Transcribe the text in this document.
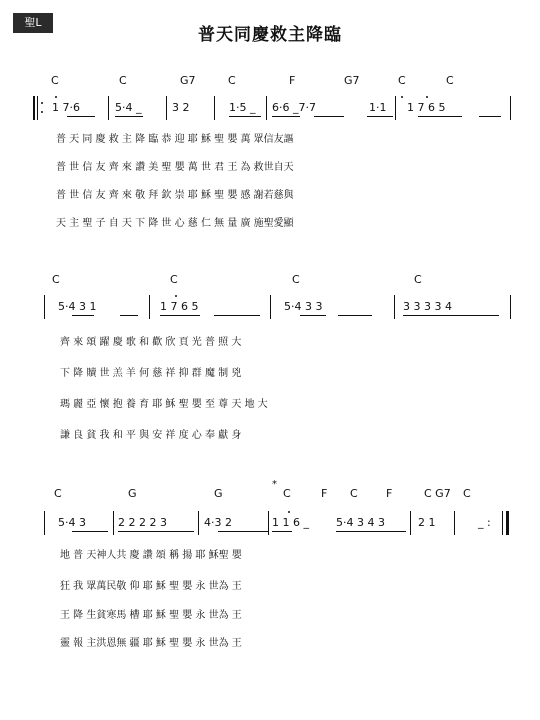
聖L
普天同慶救主降臨
C	C	G7	C	F	G7	C	C
1 7·6	5·4 _	3 2	1·5 _ 6·6 _7·7	1·1 1 7 6 5
普 天 同 慶 救 主 降 臨 恭 迎 耶 穌 聖 嬰 萬 眾信友謳
普 世 信 友 齊 來 讚 美 聖 嬰 萬 世 君 王 為 救世自天
普 世 信 友 齊 來 敬 拜 欽 崇 耶 穌 聖 嬰 感 謝若慈與
天 主 聖 子 自 天 下 降 世 心 慈 仁 無 量 廣 施聖愛顯
C	C	C	C
5·4 3 1	1 7 6 5	5·4 3 3	3 3 3 3 4
齊 來 頌 躍 慶 歌 和 歡 欣 頁 光 普 照 大
下 降 贖 世 羔 羊 何 慈 祥 抑 群 魔 制 兇
瑪 麗 亞 懷 抱 養 育 耶 穌 聖 嬰 至 尊 天 地 大
謙 良 貧 我 和 平 與 安 祥 度 心 奉 獻 身
C	G	G
*
C	F C	F	C G7 C
5·4 3	2 2 2 2 3	4·3 2	1 1 6 _ 5·4 3 4 3	2 1	_ :
地 普 天神人共 慶 讚 頌 稱 揚 耶 穌聖 嬰
狂 我 眾萬民敬 仰 耶 穌 聖 嬰 永 世為 王
王 降 生貧寒馬 槽 耶 穌 聖 嬰 永 世為 王
靈 報 主洪恩無 疆 耶 穌 聖 嬰 永 世為 王
